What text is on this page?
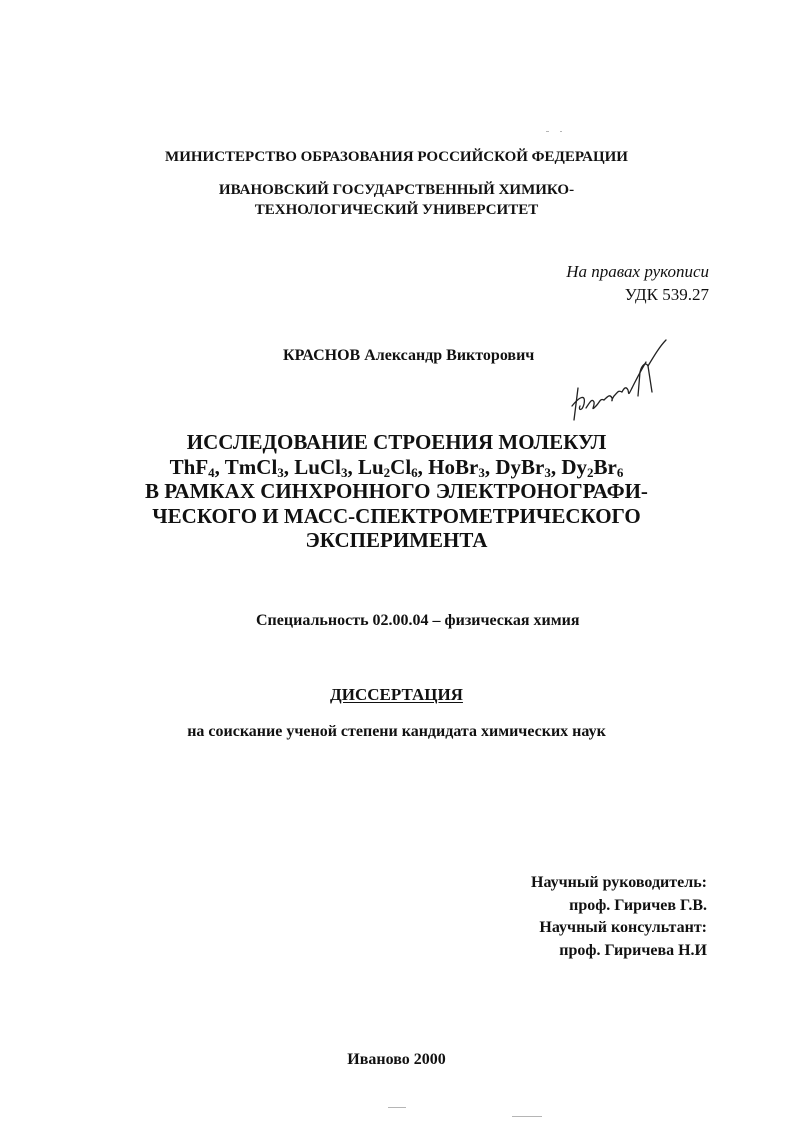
МИНИСТЕРСТВО ОБРАЗОВАНИЯ РОССИЙСКОЙ ФЕДЕРАЦИИ
ИВАНОВСКИЙ ГОСУДАРСТВЕННЫЙ ХИМИКО-
ТЕХНОЛОГИЧЕСКИЙ УНИВЕРСИТЕТ
На правах рукописи
УДК 539.27
КРАСНОВ Александр Викторович
ИССЛЕДОВАНИЕ СТРОЕНИЯ МОЛЕКУЛ
ThF$_4$, TmCl$_3$, LuCl$_3$, $Lu_2Cl_6$, HoBr$_3$, DyBr$_3$, $Dy_2Br_6$
В РАМКАХ СИНХРОННОГО ЭЛЕКТРОНОГРАФИ-
ЧЕСКОГО И МАСС-СПЕКТРОМЕТРИЧЕСКОГО
ЭКСПЕРИМЕНТА
Специальность 02.00.04 – физическая химия
ДИССЕРТАЦИЯ
на соискание ученой степени кандидата химических наук
Научный руководитель:
проф. Гиричев Г.В.
Научный консультант:
проф. Гиричева Н.И
Иваново 2000
